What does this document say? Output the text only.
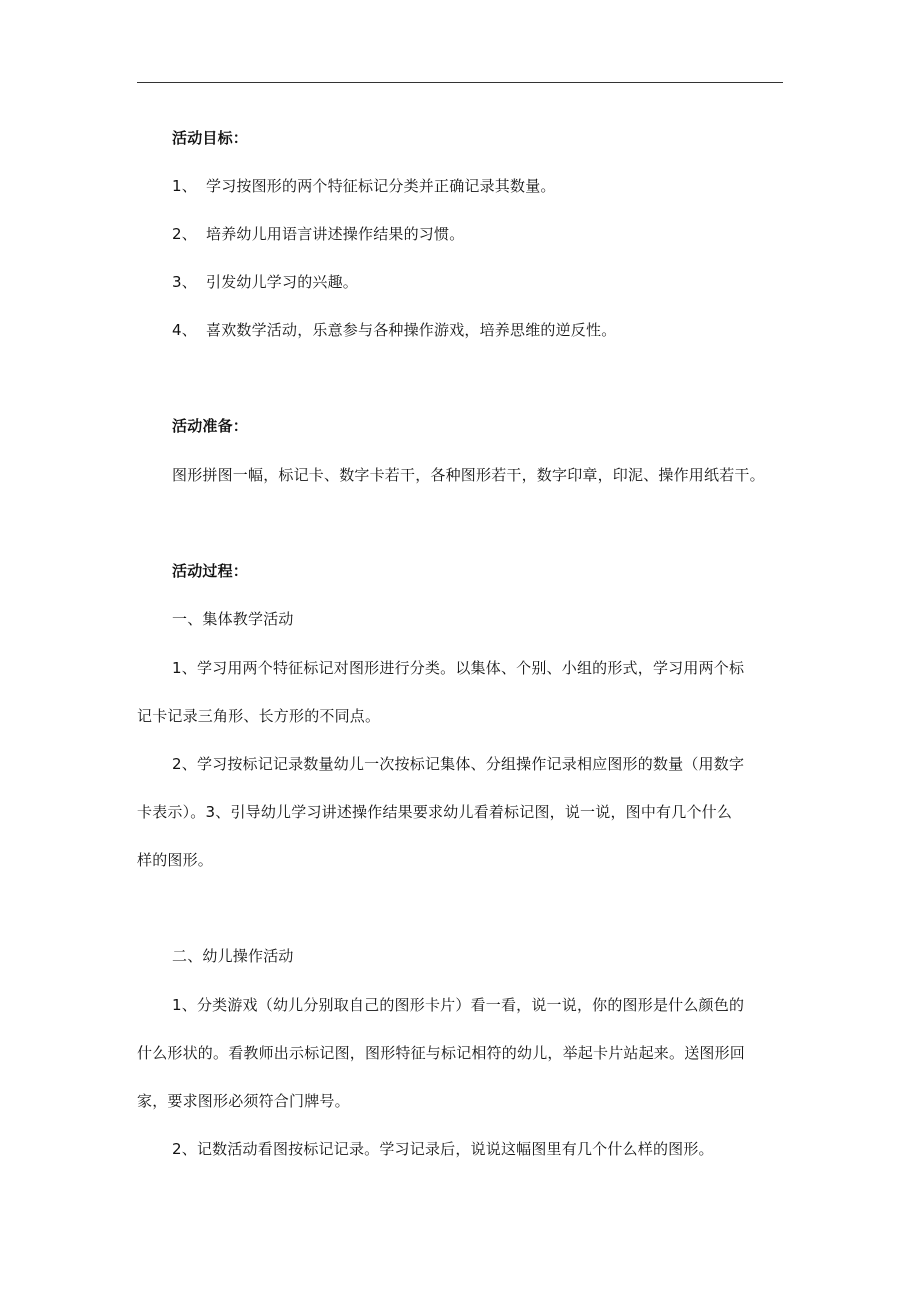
活动目标：
1、 学习按图形的两个特征标记分类并正确记录其数量。
2、 培养幼儿用语言讲述操作结果的习惯。
3、 引发幼儿学习的兴趣。
4、 喜欢数学活动，乐意参与各种操作游戏，培养思维的逆反性。
活动准备：
图形拼图一幅，标记卡、数字卡若干，各种图形若干，数字印章，印泥、操作用纸若干。
活动过程：
一、集体教学活动
1、学习用两个特征标记对图形进行分类。以集体、个别、小组的形式，学习用两个标
记卡记录三角形、长方形的不同点。
2、学习按标记记录数量幼儿一次按标记集体、分组操作记录相应图形的数量（用数字
卡表示）。3、引导幼儿学习讲述操作结果要求幼儿看着标记图，说一说，图中有几个什么
样的图形。
二、幼儿操作活动
1、分类游戏（幼儿分别取自己的图形卡片）看一看，说一说，你的图形是什么颜色的
什么形状的。看教师出示标记图，图形特征与标记相符的幼儿，举起卡片站起来。送图形回
家，要求图形必须符合门牌号。
2、记数活动看图按标记记录。学习记录后，说说这幅图里有几个什么样的图形。
